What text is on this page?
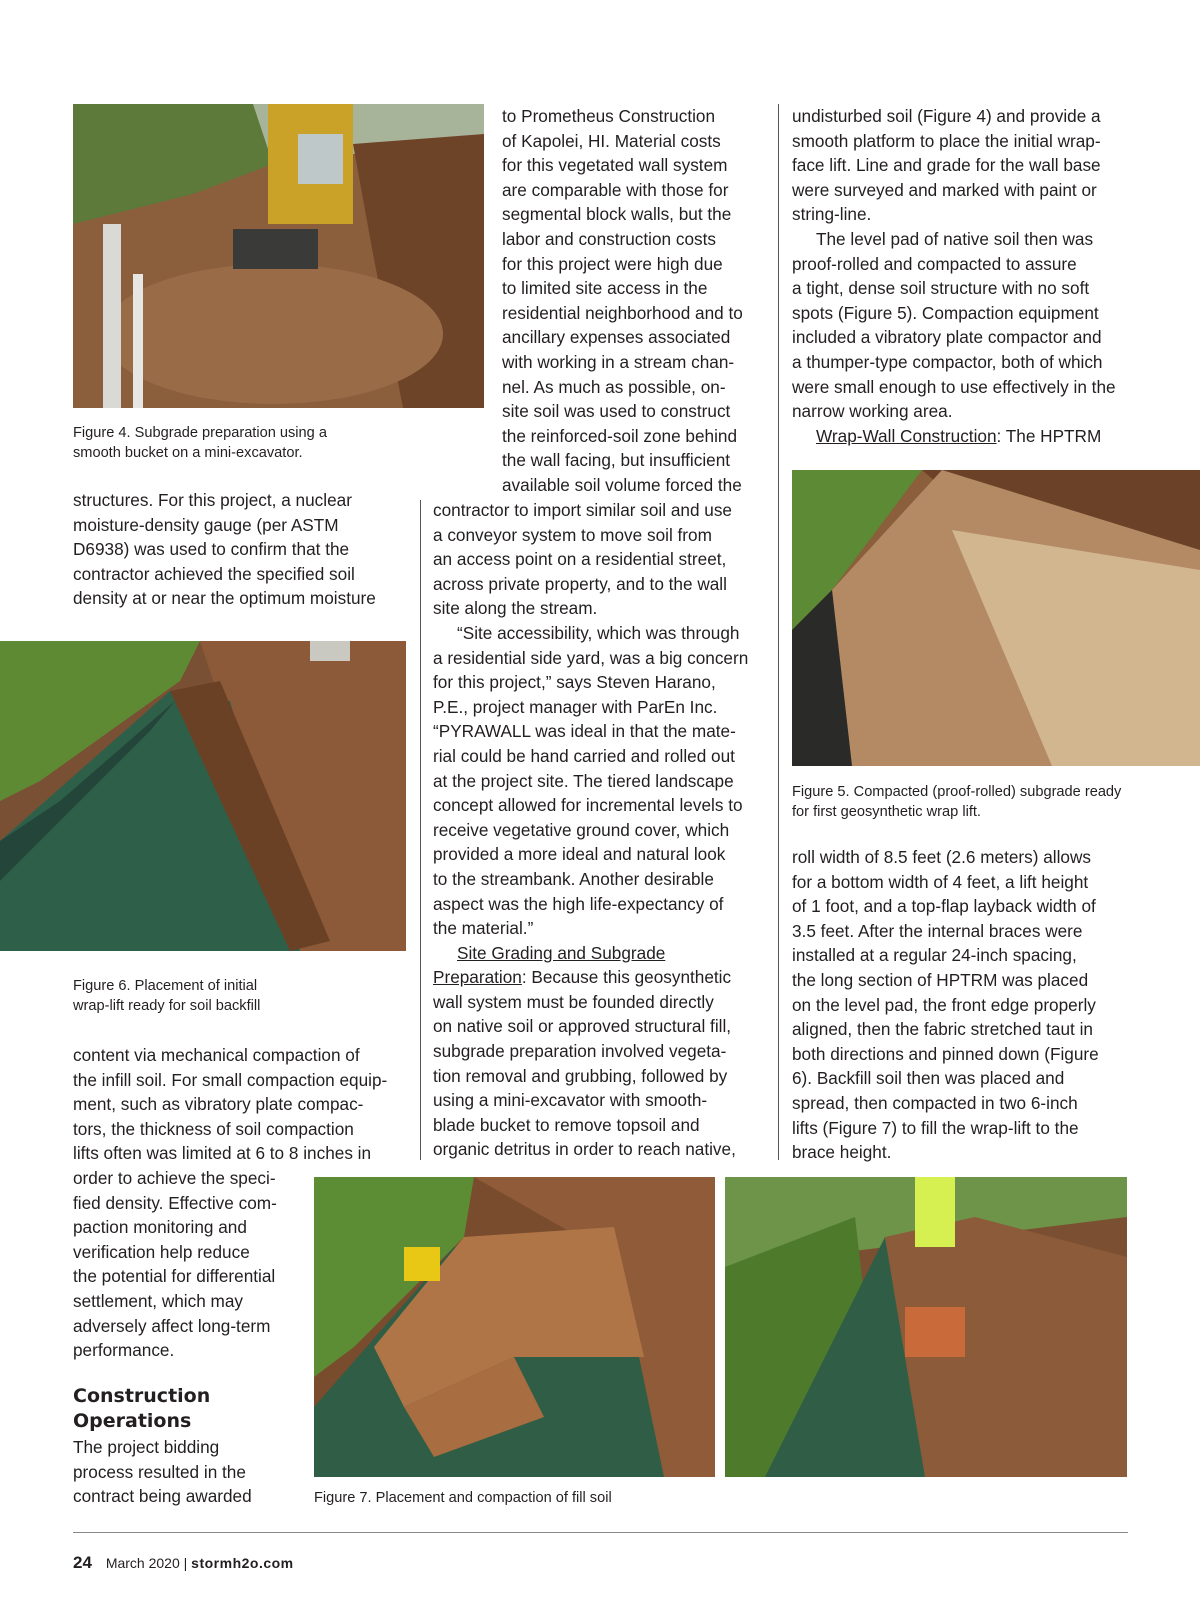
Figure 4. Subgrade preparation using a smooth bucket on a mini-excavator.
structures. For this project, a nuclear
moisture-density gauge (per ASTM
D6938) was used to confirm that the
contractor achieved the specified soil
density at or near the optimum moisture
Figure 6. Placement of initial wrap-lift ready for soil backfill
content via mechanical compaction of
the infill soil. For small compaction equip-
ment, such as vibratory plate compac-
tors, the thickness of soil compaction
lifts often was limited at 6 to 8 inches in
order to achieve the speci-
fied density. Effective com-
paction monitoring and
verification help reduce
the potential for differential
settlement, which may
adversely affect long-term
performance.
Construction
Operations
The project bidding
process resulted in the
contract being awarded
to Prometheus Construction
of Kapolei, HI. Material costs
for this vegetated wall system
are comparable with those for
segmental block walls, but the
labor and construction costs
for this project were high due
to limited site access in the
residential neighborhood and to
ancillary expenses associated
with working in a stream chan-
nel. As much as possible, on-
site soil was used to construct
the reinforced-soil zone behind
the wall facing, but insufficient
available soil volume forced the
contractor to import similar soil and use
a conveyor system to move soil from
an access point on a residential street,
across private property, and to the wall
site along the stream.
“Site accessibility, which was through
a residential side yard, was a big concern
for this project,” says Steven Harano,
P.E., project manager with ParEn Inc.
“PYRAWALL was ideal in that the mate-
rial could be hand carried and rolled out
at the project site. The tiered landscape
concept allowed for incremental levels to
receive vegetative ground cover, which
provided a more ideal and natural look
to the streambank. Another desirable
aspect was the high life-expectancy of
the material.”
Site Grading and Subgrade
Preparation: Because this geosynthetic
wall system must be founded directly
on native soil or approved structural fill,
subgrade preparation involved vegeta-
tion removal and grubbing, followed by
using a mini-excavator with smooth-
blade bucket to remove topsoil and
organic detritus in order to reach native,
undisturbed soil (Figure 4) and provide a
smooth platform to place the initial wrap-
face lift. Line and grade for the wall base
were surveyed and marked with paint or
string-line.
The level pad of native soil then was
proof-rolled and compacted to assure
a tight, dense soil structure with no soft
spots (Figure 5). Compaction equipment
included a vibratory plate compactor and
a thumper-type compactor, both of which
were small enough to use effectively in the
narrow working area.
Wrap-Wall Construction: The HPTRM
Figure 5. Compacted (proof-rolled) subgrade ready for first geosynthetic wrap lift.
roll width of 8.5 feet (2.6 meters) allows
for a bottom width of 4 feet, a lift height
of 1 foot, and a top-flap layback width of
3.5 feet. After the internal braces were
installed at a regular 24-inch spacing,
the long section of HPTRM was placed
on the level pad, the front edge properly
aligned, then the fabric stretched taut in
both directions and pinned down (Figure
6). Backfill soil then was placed and
spread, then compacted in two 6-inch
lifts (Figure 7) to fill the wrap-lift to the
brace height.
Figure 7. Placement and compaction of fill soil
24 March 2020 | stormh2o.com
